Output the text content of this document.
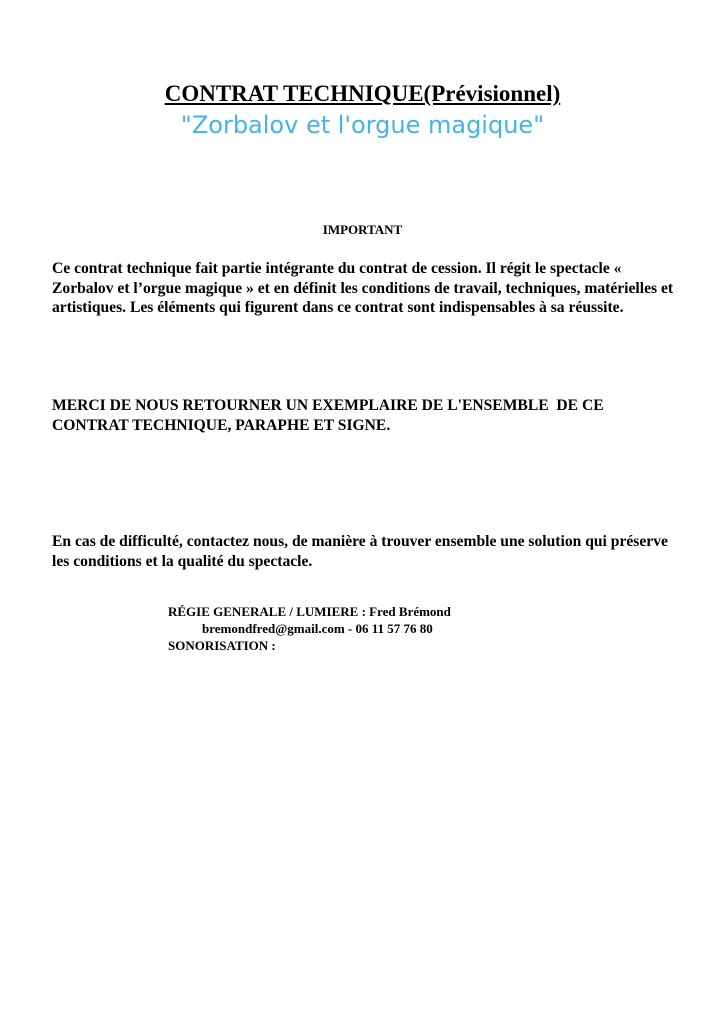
CONTRAT TECHNIQUE(Prévisionnel)
"Zorbalov et l'orgue magique"
IMPORTANT

Ce contrat technique fait partie intégrante du contrat de cession. Il régit le spectacle « Zorbalov et l’orgue magique » et en définit les conditions de travail, techniques, matérielles et artistiques. Les éléments qui figurent dans ce contrat sont indispensables à sa réussite.

MERCI DE NOUS RETOURNER UN EXEMPLAIRE DE L'ENSEMBLE  DE CE
CONTRAT TECHNIQUE, PARAPHE ET SIGNE.

En cas de difficulté, contactez nous, de manière à trouver ensemble une solution qui préserve les conditions et la qualité du spectacle.

RÉGIE GENERALE / LUMIERE : Fred Brémond
bremondfred@gmail.com - 06 11 57 76 80
SONORISATION :
